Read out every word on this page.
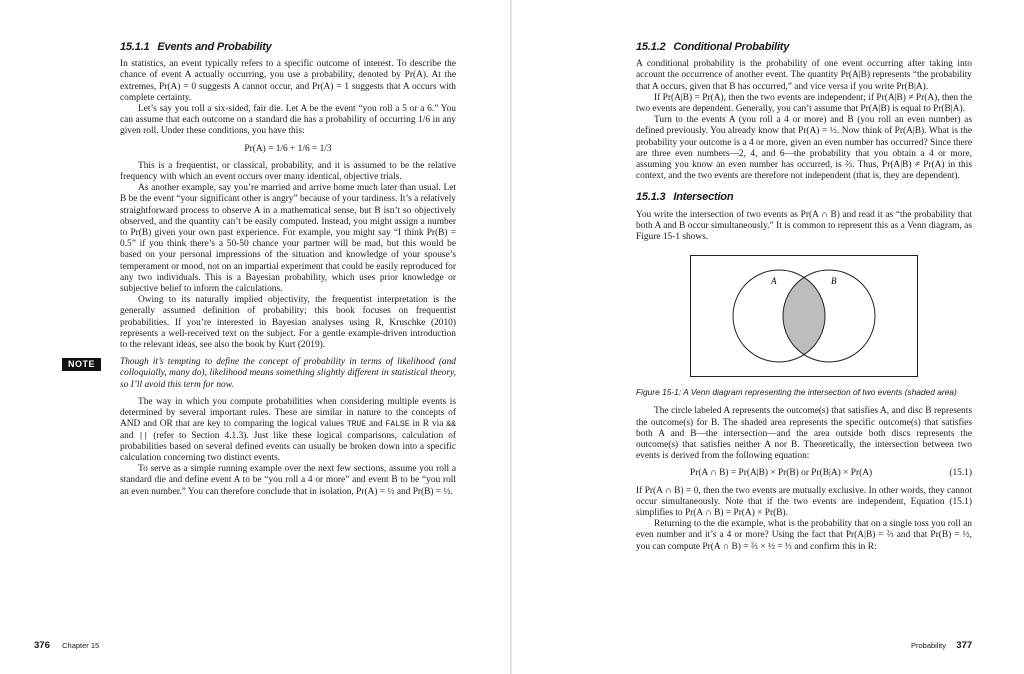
15.1.1 Events and Probability

In statistics, an event typically refers to a specific outcome of interest. To describe the chance of event A actually occurring, you use a probability, denoted by Pr(A). At the extremes, Pr(A) = 0 suggests A cannot occur, and Pr(A) = 1 suggests that A occurs with complete certainty.

Let’s say you roll a six-sided, fair die. Let A be the event “you roll a 5 or a 6.” You can assume that each outcome on a standard die has a probability of occurring 1/6 in any given roll. Under these conditions, you have this:

Pr(A) = 1/6 + 1/6 = 1/3

This is a frequentist, or classical, probability, and it is assumed to be the relative frequency with which an event occurs over many identical, objective trials.

As another example, say you’re married and arrive home much later than usual. Let B be the event “your significant other is angry” because of your tardiness. It’s a relatively straightforward process to observe A in a mathematical sense, but B isn’t so objectively observed, and the quantity can’t be easily computed. Instead, you might assign a number to Pr(B) given your own past experience. For example, you might say “I think Pr(B) = 0.5” if you think there’s a 50-50 chance your partner will be mad, but this would be based on your personal impressions of the situation and knowledge of your spouse’s temperament or mood, not on an impartial experiment that could be easily reproduced for any two individuals. This is a Bayesian probability, which uses prior knowledge or subjective belief to inform the calculations.

Owing to its naturally implied objectivity, the frequentist interpretation is the generally assumed definition of probability; this book focuses on frequentist probabilities. If you’re interested in Bayesian analyses using R, Kruschke (2010) represents a well-received text on the subject. For a gentle example-driven introduction to the relevant ideas, see also the book by Kurt (2019).

NOTE	Though it’s tempting to define the concept of probability in terms of likelihood (and colloquially, many do), likelihood means something slightly different in statistical theory, so I’ll avoid this term for now.

The way in which you compute probabilities when considering multiple events is determined by several important rules. These are similar in nature to the concepts of AND and OR that are key to comparing the logical values TRUE and FALSE in R via && and || (refer to Section 4.1.3). Just like these logical comparisons, calculation of probabilities based on several defined events can usually be broken down into a specific calculation concerning two distinct events.

To serve as a simple running example over the next few sections, assume you roll a standard die and define event A to be “you roll a 4 or more” and event B to be “you roll an even number.” You can therefore conclude that in isolation, Pr(A) = ½ and Pr(B) = ½.

376 Chapter 15
15.1.2 Conditional Probability

A conditional probability is the probability of one event occurring after taking into account the occurrence of another event. The quantity Pr(A|B) represents “the probability that A occurs, given that B has occurred,” and vice versa if you write Pr(B|A).

If Pr(A|B) = Pr(A), then the two events are independent; if Pr(A|B) ≠ Pr(A), then the two events are dependent. Generally, you can’t assume that Pr(A|B) is equal to Pr(B|A).

Turn to the events A (you roll a 4 or more) and B (you roll an even number) as defined previously. You already know that Pr(A) = ½. Now think of Pr(A|B). What is the probability your outcome is a 4 or more, given an even number has occurred? Since there are three even numbers—2, 4, and 6—the probability that you obtain a 4 or more, assuming you know an even number has occurred, is ⅔. Thus, Pr(A|B) ≠ Pr(A) in this context, and the two events are therefore not independent (that is, they are dependent).

15.1.3 Intersection

You write the intersection of two events as Pr(A ∩ B) and read it as “the probability that both A and B occur simultaneously.” It is common to represent this as a Venn diagram, as Figure 15-1 shows.

A	B

Figure 15-1: A Venn diagram representing the intersection of two events (shaded area)

The circle labeled A represents the outcome(s) that satisfies A, and disc B represents the outcome(s) for B. The shaded area represents the specific outcome(s) that satisfies both A and B—the intersection—and the area outside both discs represents the outcome(s) that satisfies neither A nor B. Theoretically, the intersection between two events is derived from the following equation:

Pr(A ∩ B) = Pr(A|B) × Pr(B) or Pr(B|A) × Pr(A)	(15.1)

If Pr(A ∩ B) = 0, then the two events are mutually exclusive. In other words, they cannot occur simultaneously. Note that if the two events are independent, Equation (15.1) simplifies to Pr(A ∩ B) = Pr(A) × Pr(B).

Returning to the die example, what is the probability that on a single toss you roll an even number and it’s a 4 or more? Using the fact that Pr(A|B) = ⅔ and that Pr(B) = ½, you can compute Pr(A ∩ B) = ⅔ × ½ = ⅓ and confirm this in R:

Probability 377
